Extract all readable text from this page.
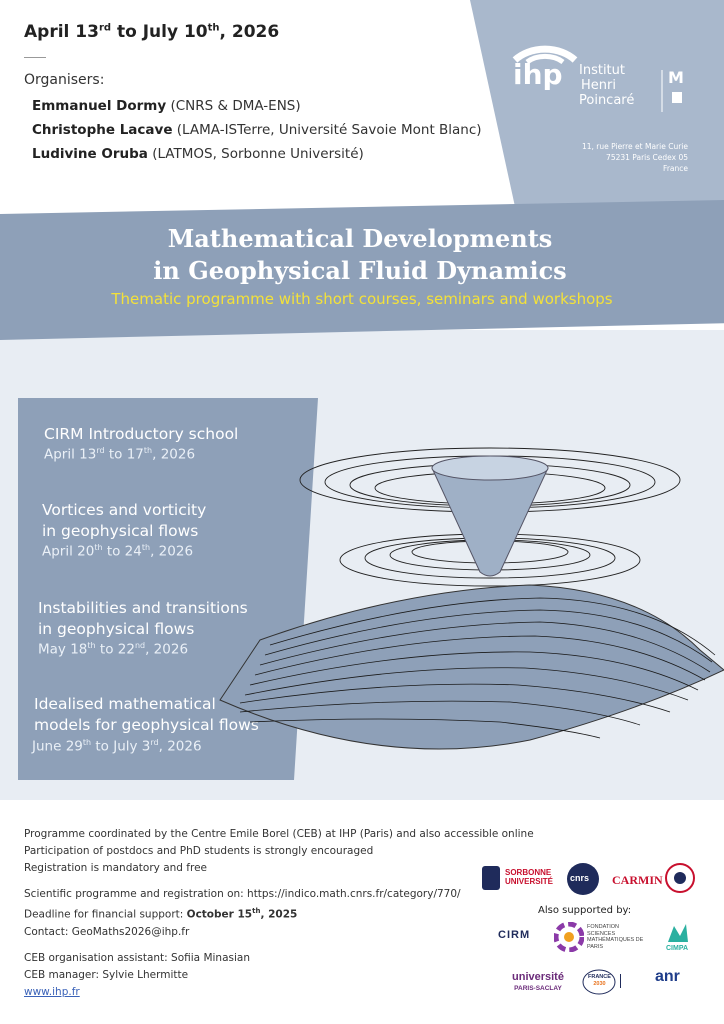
ihp Institut
Henri
Poincaré
M
11, rue Pierre et Marie Curie
75231 Paris Cedex 05
France
April 13rd to July 10th, 2026
Organisers:
Emmanuel Dormy (CNRS & DMA-ENS)
Christophe Lacave (LAMA-ISTerre, Université Savoie Mont Blanc)
Ludivine Oruba (LATMOS, Sorbonne Université)
Mathematical Developments
in Geophysical Fluid Dynamics
Thematic programme with short courses, seminars and workshops
CIRM Introductory school
April 13rd to 17th, 2026
Vortices and vorticity
in geophysical flows
April 20th to 24th, 2026
Instabilities and transitions
in geophysical flows
May 18th to 22nd, 2026
Idealised mathematical
models for geophysical flows
June 29th to July 3rd, 2026
Programme coordinated by the Centre Emile Borel (CEB) at IHP (Paris) and also accessible online
Participation of postdocs and PhD students is strongly encouraged
Registration is mandatory and free
Scientific programme and registration on: https://indico.math.cnrs.fr/category/770/
Deadline for financial support: October 15th, 2025
Contact: GeoMaths2026@ihp.fr
CEB organisation assistant: Sofiia Minasian
CEB manager: Sylvie Lhermitte
www.ihp.fr
SORBONNE
UNIVERSITÉ cnrs CARMIN
Also supported by:
CIRM
FONDATION
SCIENCES
MATHÉMATIQUES DE
PARIS	CIMPA
université
PARIS-SACLAY
FRANCE
2030	anr
